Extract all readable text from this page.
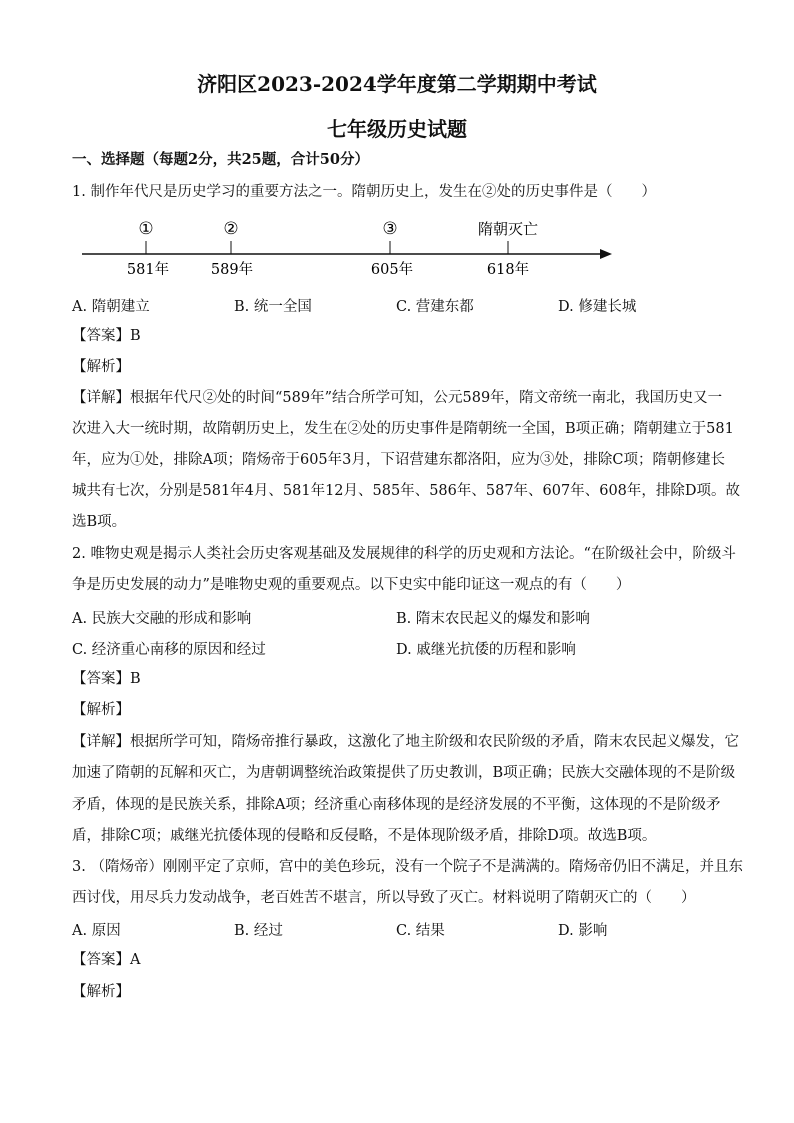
济阳区2023-2024学年度第二学期期中考试
七年级历史试题
一、选择题（每题2分，共25题，合计50分）
1. 制作年代尺是历史学习的重要方法之一。隋朝历史上，发生在②处的历史事件是（　　）
①	②	③	隋朝灭亡
581年	589年	605年	618年
A. 隋朝建立	B. 统一全国	C. 营建东都	D. 修建长城
【答案】B
【解析】
【详解】根据年代尺②处的时间“589年”结合所学可知，公元589年，隋文帝统一南北，我国历史又一
次进入大一统时期，故隋朝历史上，发生在②处的历史事件是隋朝统一全国，B项正确；隋朝建立于581
年，应为①处，排除A项；隋炀帝于605年3月，下诏营建东都洛阳，应为③处，排除C项；隋朝修建长
城共有七次，分别是581年4月、581年12月、585年、586年、587年、607年、608年，排除D项。故
选B项。
2. 唯物史观是揭示人类社会历史客观基础及发展规律的科学的历史观和方法论。“在阶级社会中，阶级斗
争是历史发展的动力”是唯物史观的重要观点。以下史实中能印证这一观点的有（　　）
A. 民族大交融的形成和影响	B. 隋末农民起义的爆发和影响
C. 经济重心南移的原因和经过	D. 戚继光抗倭的历程和影响
【答案】B
【解析】
【详解】根据所学可知，隋炀帝推行暴政，这激化了地主阶级和农民阶级的矛盾，隋末农民起义爆发，它
加速了隋朝的瓦解和灭亡，为唐朝调整统治政策提供了历史教训，B项正确；民族大交融体现的不是阶级
矛盾，体现的是民族关系，排除A项；经济重心南移体现的是经济发展的不平衡，这体现的不是阶级矛
盾，排除C项；戚继光抗倭体现的侵略和反侵略，不是体现阶级矛盾，排除D项。故选B项。
3. （隋炀帝）刚刚平定了京师，宫中的美色珍玩，没有一个院子不是满满的。隋炀帝仍旧不满足，并且东
西讨伐，用尽兵力发动战争，老百姓苦不堪言，所以导致了灭亡。材料说明了隋朝灭亡的（　　）
A. 原因	B. 经过	C. 结果	D. 影响
【答案】A
【解析】
